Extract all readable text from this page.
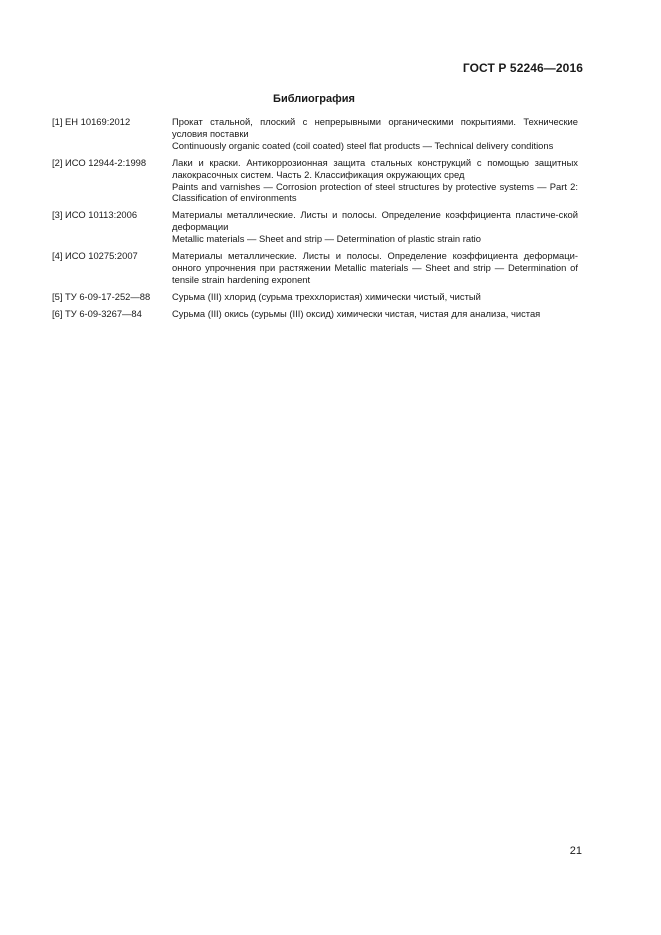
ГОСТ Р 52246—2016
Библиография
[1] ЕН 10169:2012	Прокат стальной, плоский с непрерывными органическими покрытиями. Технические условия поставки
Continuously organic coated (coil coated) steel flat products — Technical delivery conditions
[2] ИСО 12944-2:1998	Лаки и краски. Антикоррозионная защита стальных конструкций с помощью защитных лакокрасочных систем. Часть 2. Классификация окружающих сред
Paints and varnishes — Corrosion protection of steel structures by protective systems — Part 2: Classification of environments
[3] ИСО 10113:2006	Материалы металлические. Листы и полосы. Определение коэффициента пластиче-ской деформации
Metallic materials — Sheet and strip — Determination of plastic strain ratio
[4] ИСО 10275:2007	Материалы металлические. Листы и полосы. Определение коэффициента деформаци-онного упрочнения при растяжении Metallic materials — Sheet and strip — Determination of tensile strain hardening exponent
[5] ТУ 6-09-17-252—88	Сурьма (III) хлорид (сурьма треххлористая) химически чистый, чистый
[6] ТУ 6-09-3267—84	Сурьма (III) окись (сурьмы (III) оксид) химически чистая, чистая для анализа, чистая
21
